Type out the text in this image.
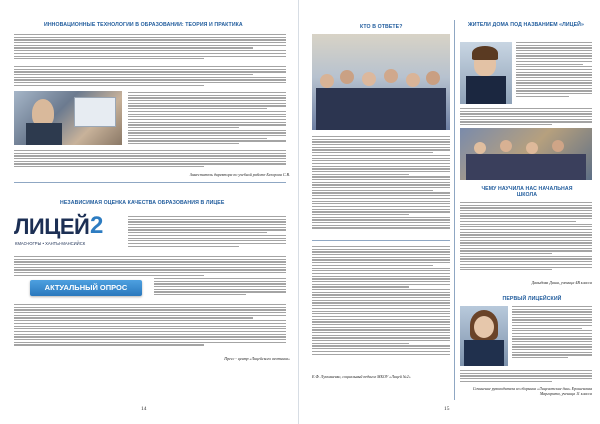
ИННОВАЦИОННЫЕ ТЕХНОЛОГИИ В ОБРАЗОВАНИИ: ТЕОРИЯ И ПРАКТИКА
Заместитель директора по учебной работе Белорова С.В.
НЕЗАВИСИМАЯ ОЦЕНКА КАЧЕСТВА ОБРАЗОВАНИЯ В ЛИЦЕЕ
ЛИЦЕЙ 2
КМАО-ЮГРЫ • ХАНТЫ-МАНСИЙСК
АКТУАЛЬНЫЙ ОПРОС
Пресс - центр «Лицейского вестника»
14
КТО В ОТВЕТЕ?
Е.Ф. Лукъяненко, социальный педагог МБОУ «Лицей №2»
ЖИТЕЛИ ДОМА ПОД НАЗВАНИЕМ «ЛИЦЕЙ»
ЧЕМУ НАУЧИЛА НАС НАЧАЛЬНАЯ ШКОЛА
Давыдова Даша, ученица 4В класса
ПЕРВЫЙ ЛИЦЕЙСКИЙ
Сочинение руководителя из сборника «Лицеистские дни» Ерошевская Маргарита, ученица 11 класса
15
